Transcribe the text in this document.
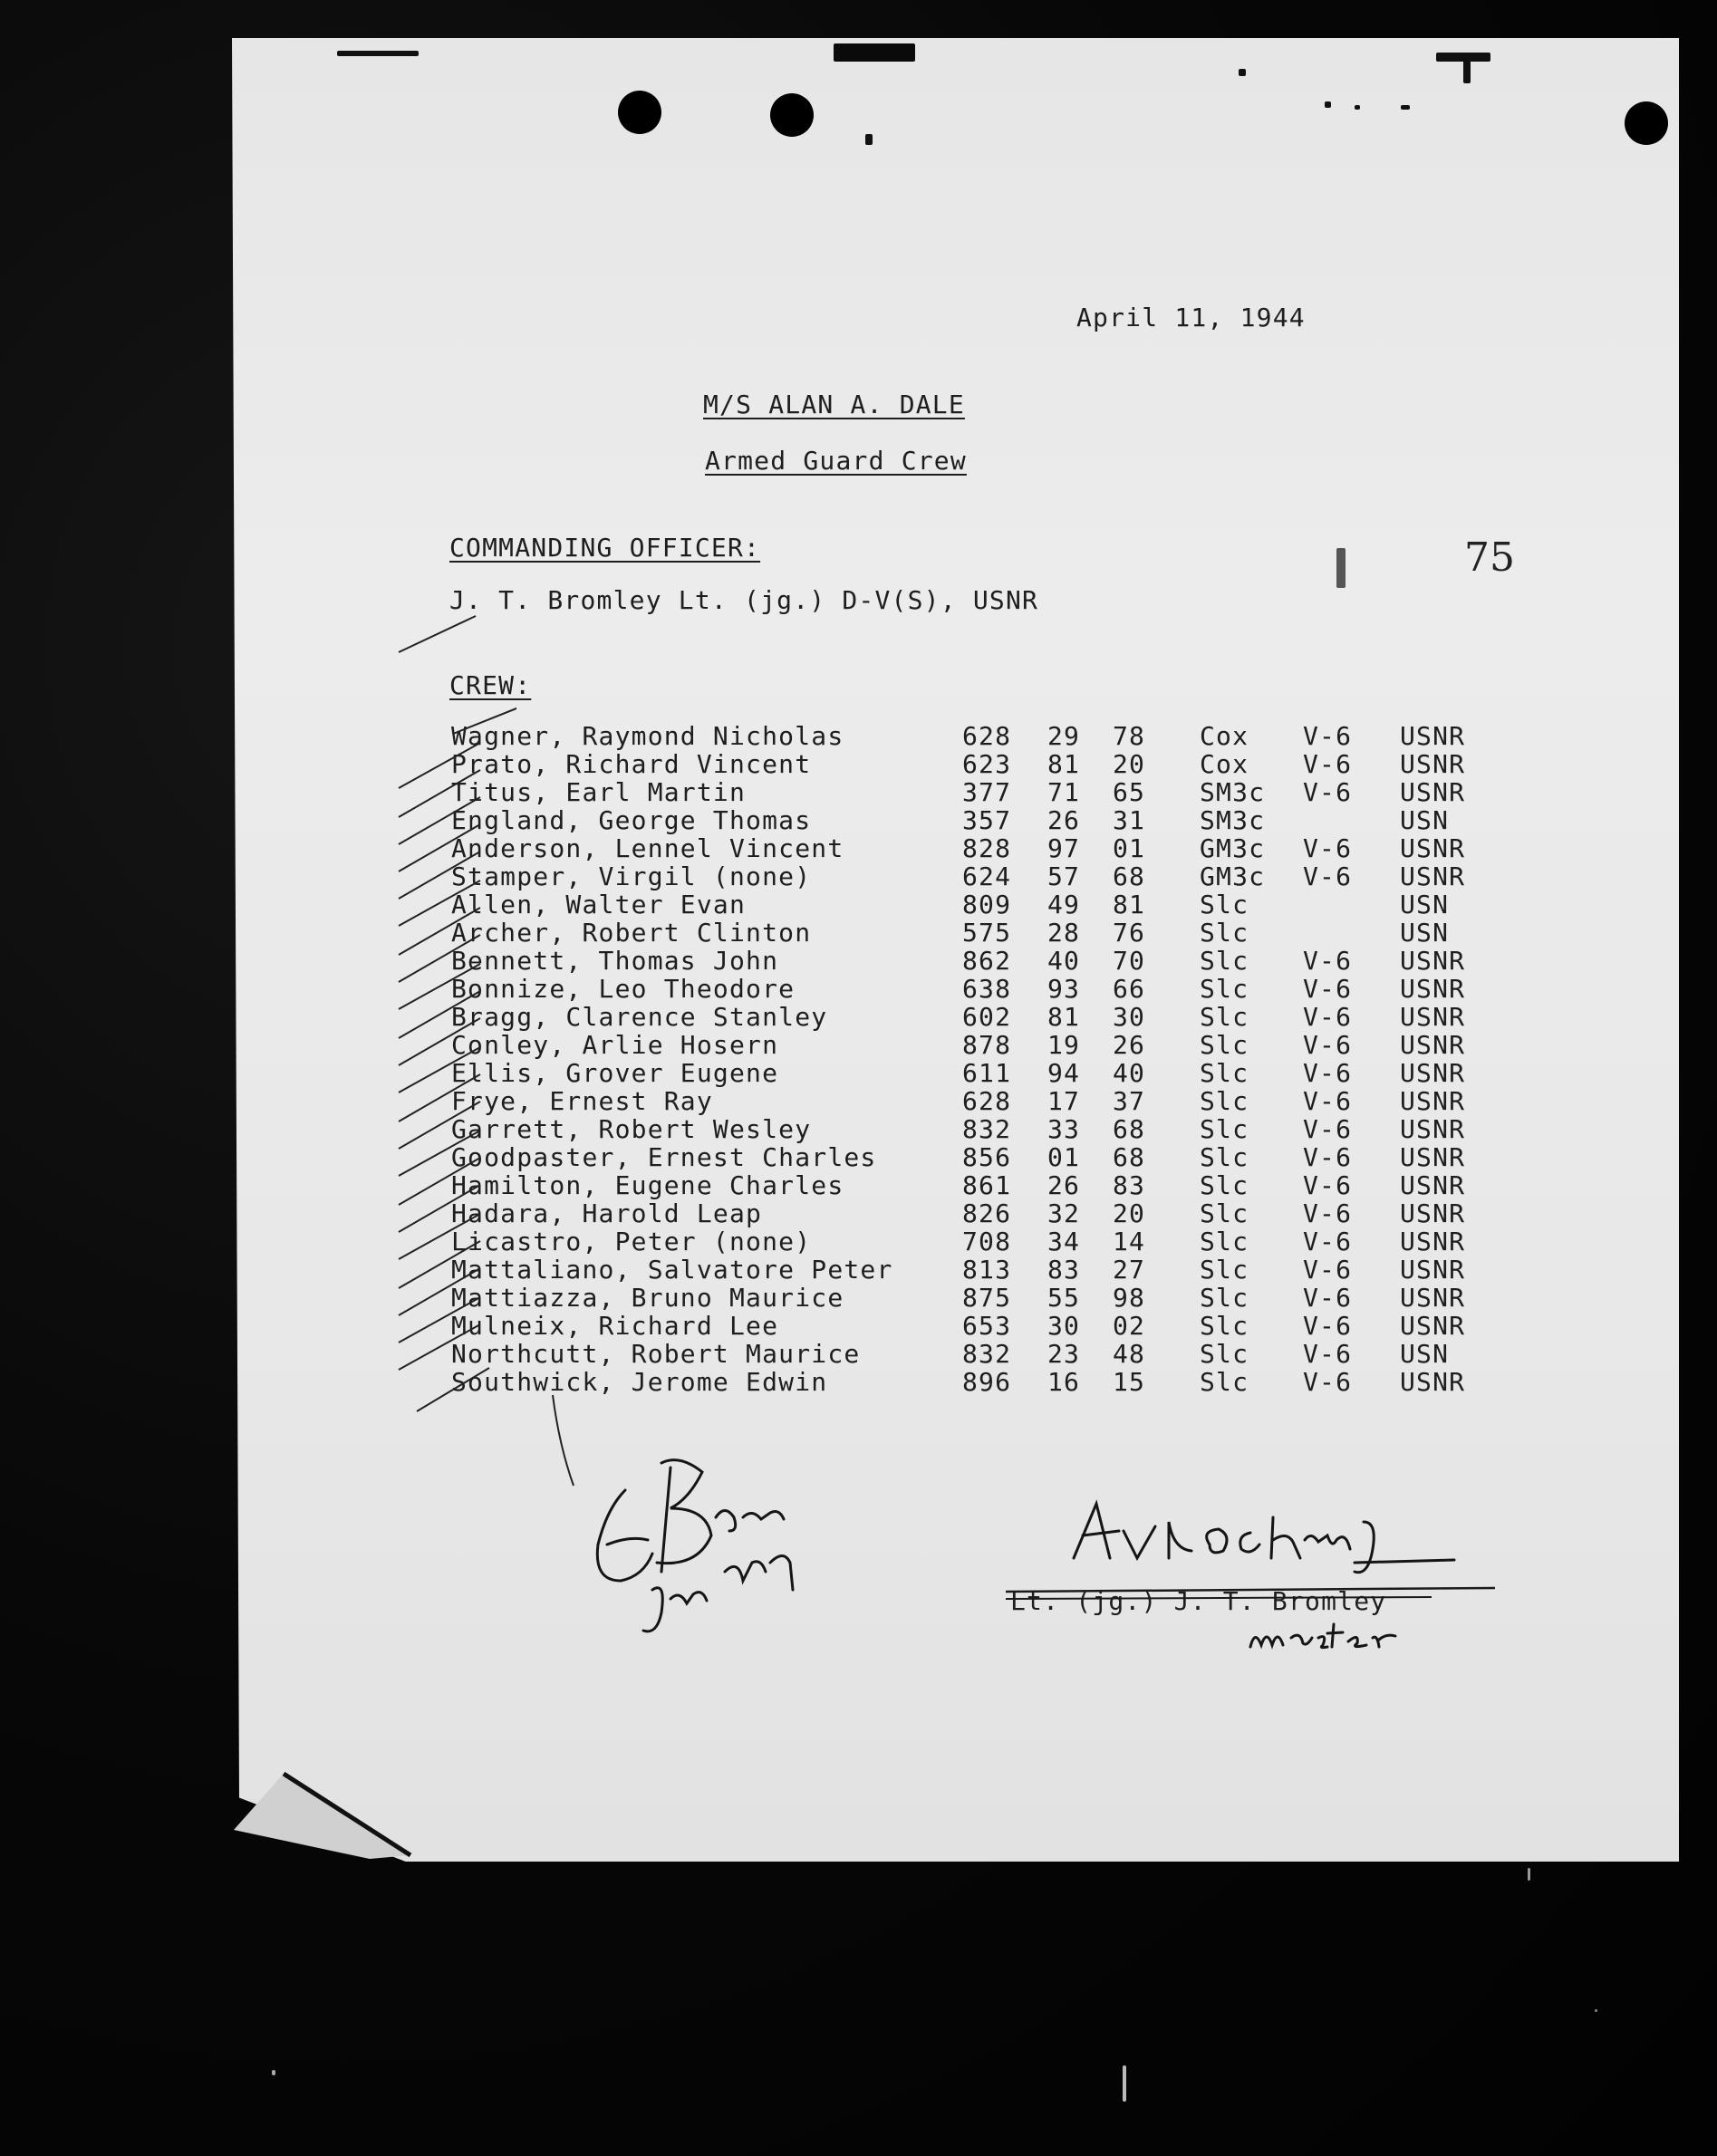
April 11, 1944
M/S ALAN A. DALE
Armed Guard Crew
COMMANDING OFFICER:
J. T. Bromley Lt. (jg.) D-V(S), USNR
75
CREW:
Wagner, Raymond Nicholas	628 29 78 Cox V-6 USNR
Prato, Richard Vincent	623 81 20 Cox V-6 USNR
Titus, Earl Martin	377 71 65 SM3c V-6 USNR
England, George Thomas	357 26 31 SM3c	USN
Anderson, Lennel Vincent	828 97 01 GM3c V-6 USNR
Stamper, Virgil (none)	624 57 68 GM3c V-6 USNR
Allen, Walter Evan	809 49 81 Slc	USN
Archer, Robert Clinton	575 28 76 Slc	USN
Bennett, Thomas John	862 40 70 Slc V-6 USNR
Bonnize, Leo Theodore	638 93 66 Slc V-6 USNR
Bragg, Clarence Stanley	602 81 30 Slc V-6 USNR
Conley, Arlie Hosern	878 19 26 Slc V-6 USNR
Ellis, Grover Eugene	611 94 40 Slc V-6 USNR
Frye, Ernest Ray	628 17 37 Slc V-6 USNR
Garrett, Robert Wesley	832 33 68 Slc V-6 USNR
Goodpaster, Ernest Charles	856 01 68 Slc V-6 USNR
Hamilton, Eugene Charles	861 26 83 Slc V-6 USNR
Hadara, Harold Leap	826 32 20 Slc V-6 USNR
Licastro, Peter (none)	708 34 14 Slc V-6 USNR
Mattaliano, Salvatore Peter	813 83 27 Slc V-6 USNR
Mattiazza, Bruno Maurice	875 55 98 Slc V-6 USNR
Mulneix, Richard Lee	653 30 02 Slc V-6 USNR
Northcutt, Robert Maurice	832 23 48 Slc V-6 USN
Southwick, Jerome Edwin	896 16 15 Slc V-6 USNR
Lt. (jg.) J. T. Bromley
